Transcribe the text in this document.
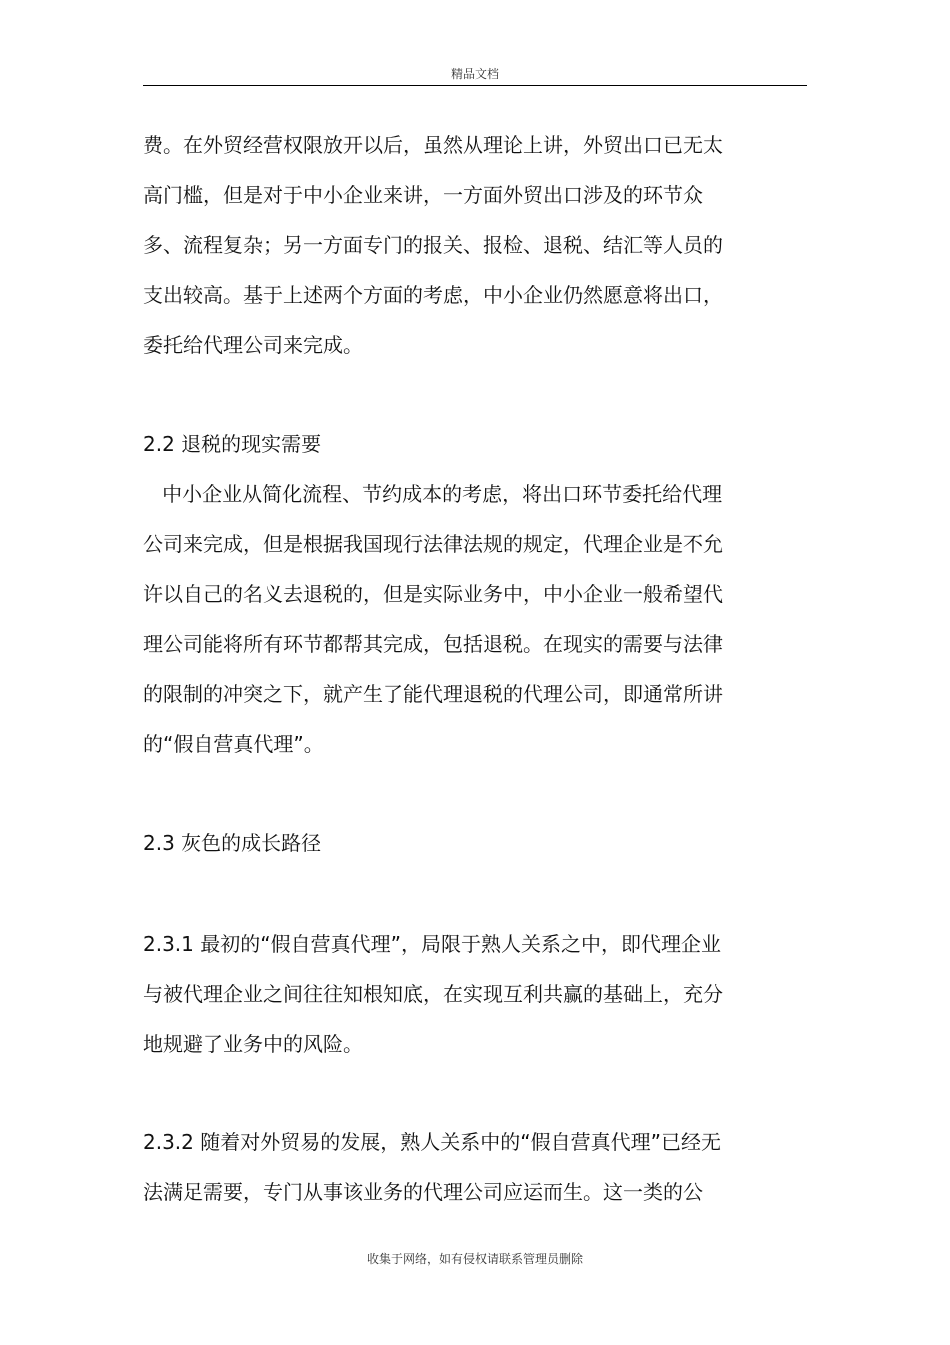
精品文档
费。在外贸经营权限放开以后，虽然从理论上讲，外贸出口已无太
高门槛，但是对于中小企业来讲，一方面外贸出口涉及的环节众
多、流程复杂；另一方面专门的报关、报检、退税、结汇等人员的
支出较高。基于上述两个方面的考虑，中小企业仍然愿意将出口，
委托给代理公司来完成。
2.2 退税的现实需要
中小企业从简化流程、节约成本的考虑，将出口环节委托给代理
公司来完成，但是根据我国现行法律法规的规定，代理企业是不允
许以自己的名义去退税的，但是实际业务中，中小企业一般希望代
理公司能将所有环节都帮其完成，包括退税。在现实的需要与法律
的限制的冲突之下，就产生了能代理退税的代理公司，即通常所讲
的“假自营真代理”。
2.3 灰色的成长路径
2.3.1 最初的“假自营真代理”，局限于熟人关系之中，即代理企业
与被代理企业之间往往知根知底，在实现互利共赢的基础上，充分
地规避了业务中的风险。
2.3.2 随着对外贸易的发展，熟人关系中的“假自营真代理”已经无
法满足需要，专门从事该业务的代理公司应运而生。这一类的公
收集于网络，如有侵权请联系管理员删除
